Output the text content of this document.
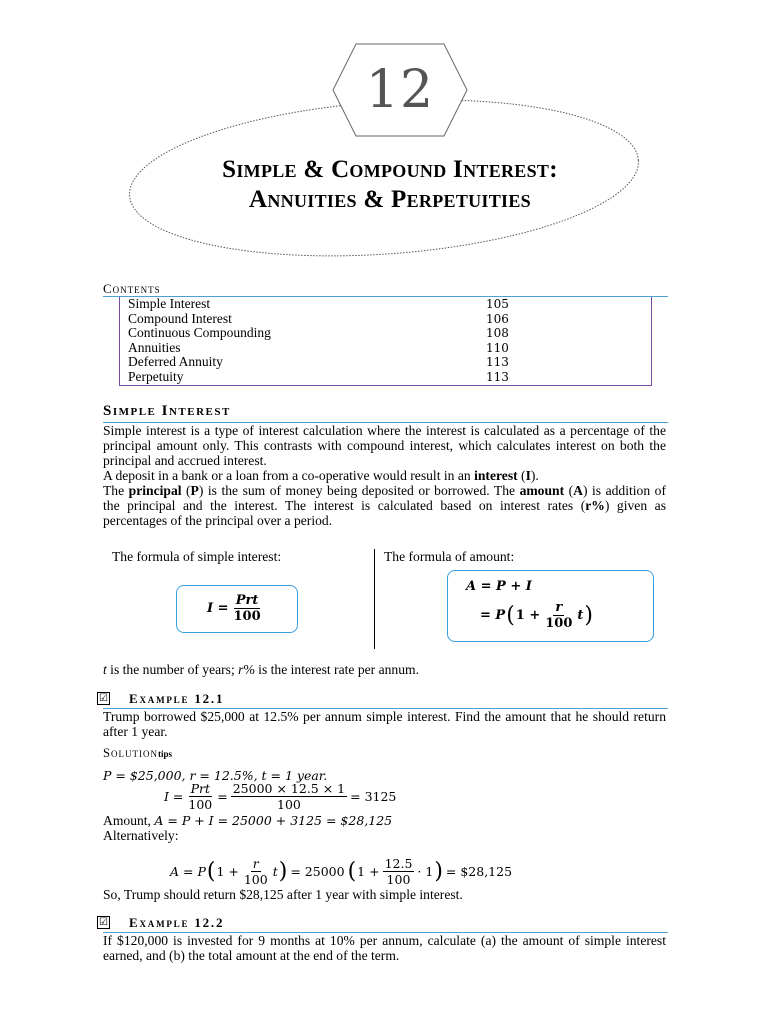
12
Simple & Compound Interest:
Annuities & Perpetuities
Contents
Simple Interest	105
Compound Interest	106
Continuous Compounding	108
Annuities	110
Deferred Annuity	113
Perpetuity	113
Simple Interest
Simple interest is a type of interest calculation where the interest is calculated as a percentage of the principal amount only. This contrasts with compound interest, which calculates interest on both the principal and accrued interest.
A deposit in a bank or a loan from a co-operative would result in an interest (I).
The principal (P) is the sum of money being deposited or borrowed. The amount (A) is addition of the principal and the interest. The interest is calculated based on interest rates (r%) given as percentages of the principal over a period.
The formula of simple interest:	The formula of amount:
$I = \frac{\text{Prt}}{100}$
A = P + I
= P ( $1 + \frac{r}{100}$ t )
t is the number of years; r% is the interest rate per annum.
☑ Example 12.1
Trump borrowed $25,000 at 12.5% per annum simple interest. Find the amount that he should return after 1 year.
Solutiontips
P = $25,000, r = 12.5%, t = 1 year.
$I = \frac{\text{Prt}}{100} = \frac{25000 \times 12.5 \times 1}{100} = 3125$
Amount, A = P + I = 25000 + 3125 = $28,125
Alternatively:
A = P ( $1 + \frac{r}{100}$ t ) = 25000 ( $1 + \frac{12.5}{100} \cdot 1$ ) = $28,125
So, Trump should return $28,125 after 1 year with simple interest.
☑ Example 12.2
If $120,000 is invested for 9 months at 10% per annum, calculate (a) the amount of simple interest earned, and (b) the total amount at the end of the term.
